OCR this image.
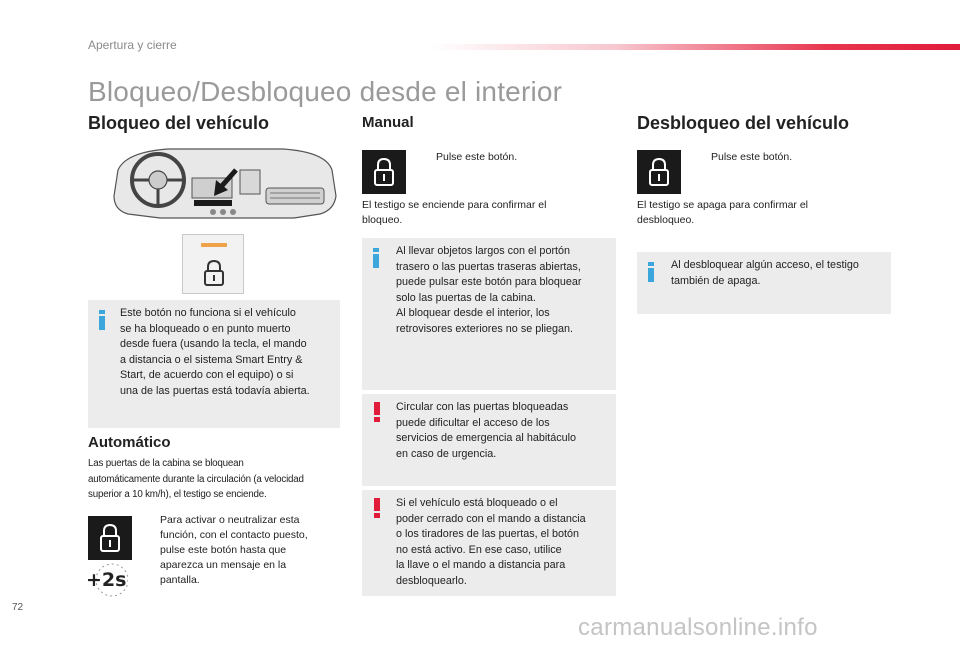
Apertura y cierre
Bloqueo/Desbloqueo desde el interior
Bloqueo del vehículo
Este botón no funciona si el vehículo
se ha bloqueado o en punto muerto
desde fuera (usando la tecla, el mando
a distancia o el sistema Smart Entry &
Start, de acuerdo con el equipo) o si
una de las puertas está todavía abierta.
Automático
Las puertas de la cabina se bloquean
automáticamente durante la circulación (a velocidad
superior a 10 km/h), el testigo se enciende.
Para activar o neutralizar esta
función, con el contacto puesto,
pulse este botón hasta que
aparezca un mensaje en la
pantalla.
+2s
Manual
Pulse este botón.
El testigo se enciende para confirmar el
bloqueo.
Al llevar objetos largos con el portón
trasero o las puertas traseras abiertas,
puede pulsar este botón para bloquear
solo las puertas de la cabina.
Al bloquear desde el interior, los
retrovisores exteriores no se pliegan.
Circular con las puertas bloqueadas
puede dificultar el acceso de los
servicios de emergencia al habitáculo
en caso de urgencia.
Si el vehículo está bloqueado o el
poder cerrado con el mando a distancia
o los tiradores de las puertas, el botón
no está activo. En ese caso, utilice
la llave o el mando a distancia para
desbloquearlo.
Desbloqueo del vehículo
Pulse este botón.
El testigo se apaga para confirmar el
desbloqueo.
Al desbloquear algún acceso, el testigo
también de apaga.
72
carmanualsonline.info
